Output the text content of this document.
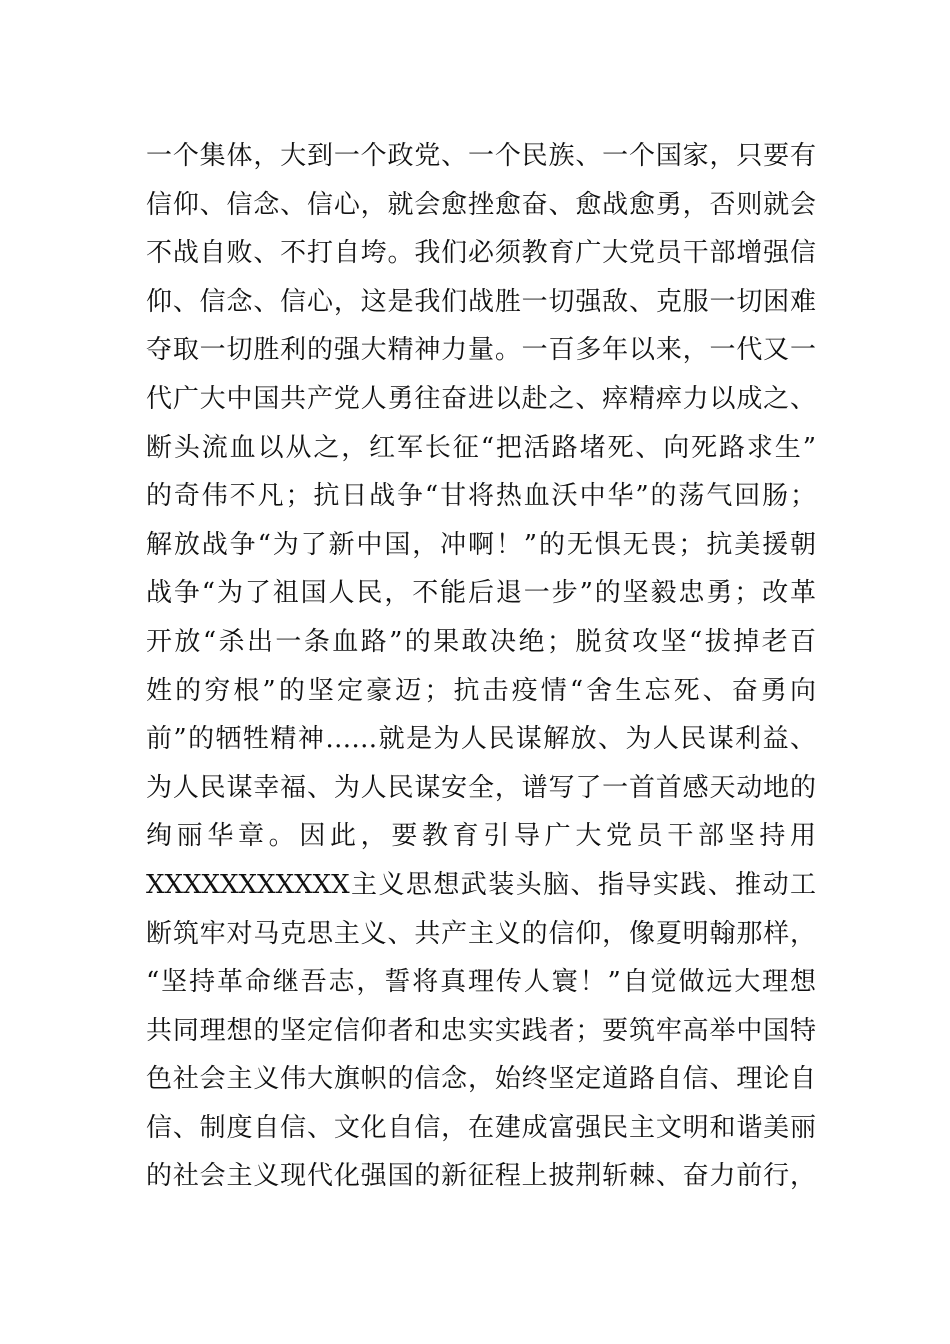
一个集体，大到一个政党、一个民族、一个国家，只要有
信仰、信念、信心，就会愈挫愈奋、愈战愈勇，否则就会
不战自败、不打自垮。我们必须教育广大党员干部增强信
仰、信念、信心，这是我们战胜一切强敌、克服一切困难
夺取一切胜利的强大精神力量。一百多年以来，一代又一
代广大中国共产党人勇往奋进以赴之、瘁精瘁力以成之、
断头流血以从之，红军长征“把活路堵死、向死路求生”
的奇伟不凡；抗日战争“甘将热血沃中华”的荡气回肠；
解放战争“为了新中国，冲啊！”的无惧无畏；抗美援朝
战争“为了祖国人民，不能后退一步”的坚毅忠勇；改革
开放“杀出一条血路”的果敢决绝；脱贫攻坚“拔掉老百
姓的穷根”的坚定豪迈；抗击疫情“舍生忘死、奋勇向
前”的牺牲精神……就是为人民谋解放、为人民谋利益、
为人民谋幸福、为人民谋安全，谱写了一首首感天动地的
绚丽华章。因此，要教育引导广大党员干部坚持用
XXXXXXXXXXX主义思想武装头脑、指导实践、推动工
断筑牢对马克思主义、共产主义的信仰，像夏明翰那样，
“坚持革命继吾志，誓将真理传人寰！”自觉做远大理想
共同理想的坚定信仰者和忠实实践者；要筑牢高举中国特
色社会主义伟大旗帜的信念，始终坚定道路自信、理论自
信、制度自信、文化自信，在建成富强民主文明和谐美丽
的社会主义现代化强国的新征程上披荆斩棘、奋力前行，
